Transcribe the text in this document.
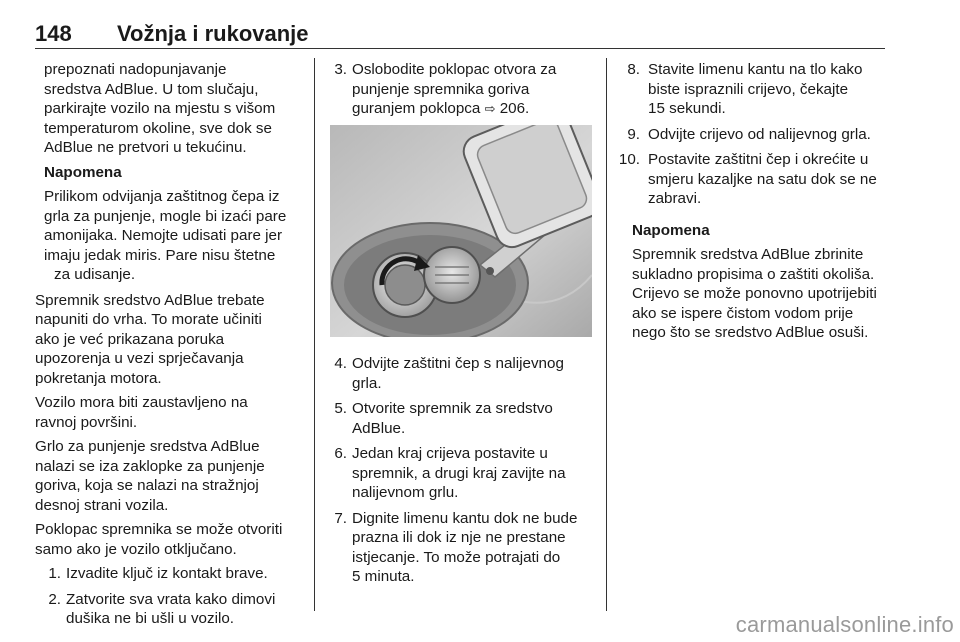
148 Vožnja i rukovanje

prepoznati nadopunjavanje
sredstva AdBlue. U tom slučaju,
parkirajte vozilo na mjestu s višom
temperaturom okoline, sve dok se
AdBlue ne pretvori u tekućinu.

Napomena

Prilikom odvijanja zaštitnog čepa iz
grla za punjenje, mogle bi izaći pare
amonijaka. Nemojte udisati pare jer
imaju jedak miris. Pare nisu štetne
za udisanje.

Spremnik sredstvo AdBlue trebate
napuniti do vrha. To morate učiniti
ako je već prikazana poruka
upozorenja u vezi sprječavanja
pokretanja motora.

Vozilo mora biti zaustavljeno na
ravnoj površini.

Grlo za punjenje sredstva AdBlue
nalazi se iza zaklopke za punjenje
goriva, koja se nalazi na stražnjoj
desnoj strani vozila.

Poklopac spremnika se može otvoriti
samo ako je vozilo otključano.

1. Izvadite ključ iz kontakt brave.
2. Zatvorite sva vrata kako dimovi
dušika ne bi ušli u vozilo.
3. Oslobodite poklopac otvora za
punjenje spremnika goriva
guranjem poklopca ⇨ 206.
4. Odvijte zaštitni čep s nalijevnog
grla.
5. Otvorite spremnik za sredstvo
AdBlue.
6. Jedan kraj crijeva postavite u
spremnik, a drugi kraj zavijte na
nalijevnom grlu.
7. Dignite limenu kantu dok ne bude
prazna ili dok iz nje ne prestane
istjecanje. To može potrajati do
5 minuta.
8. Stavite limenu kantu na tlo kako
biste ispraznili crijevo, čekajte
15 sekundi.
9. Odvijte crijevo od nalijevnog grla.
10. Postavite zaštitni čep i okrećite u
smjeru kazaljke na satu dok se ne
zabravi.

Napomena

Spremnik sredstva AdBlue zbrinite
sukladno propisima o zaštiti okoliša.
Crijevo se može ponovno upotrijebiti
ako se ispere čistom vodom prije
nego što se sredstvo AdBlue osuši.

carmanualsonline.info
